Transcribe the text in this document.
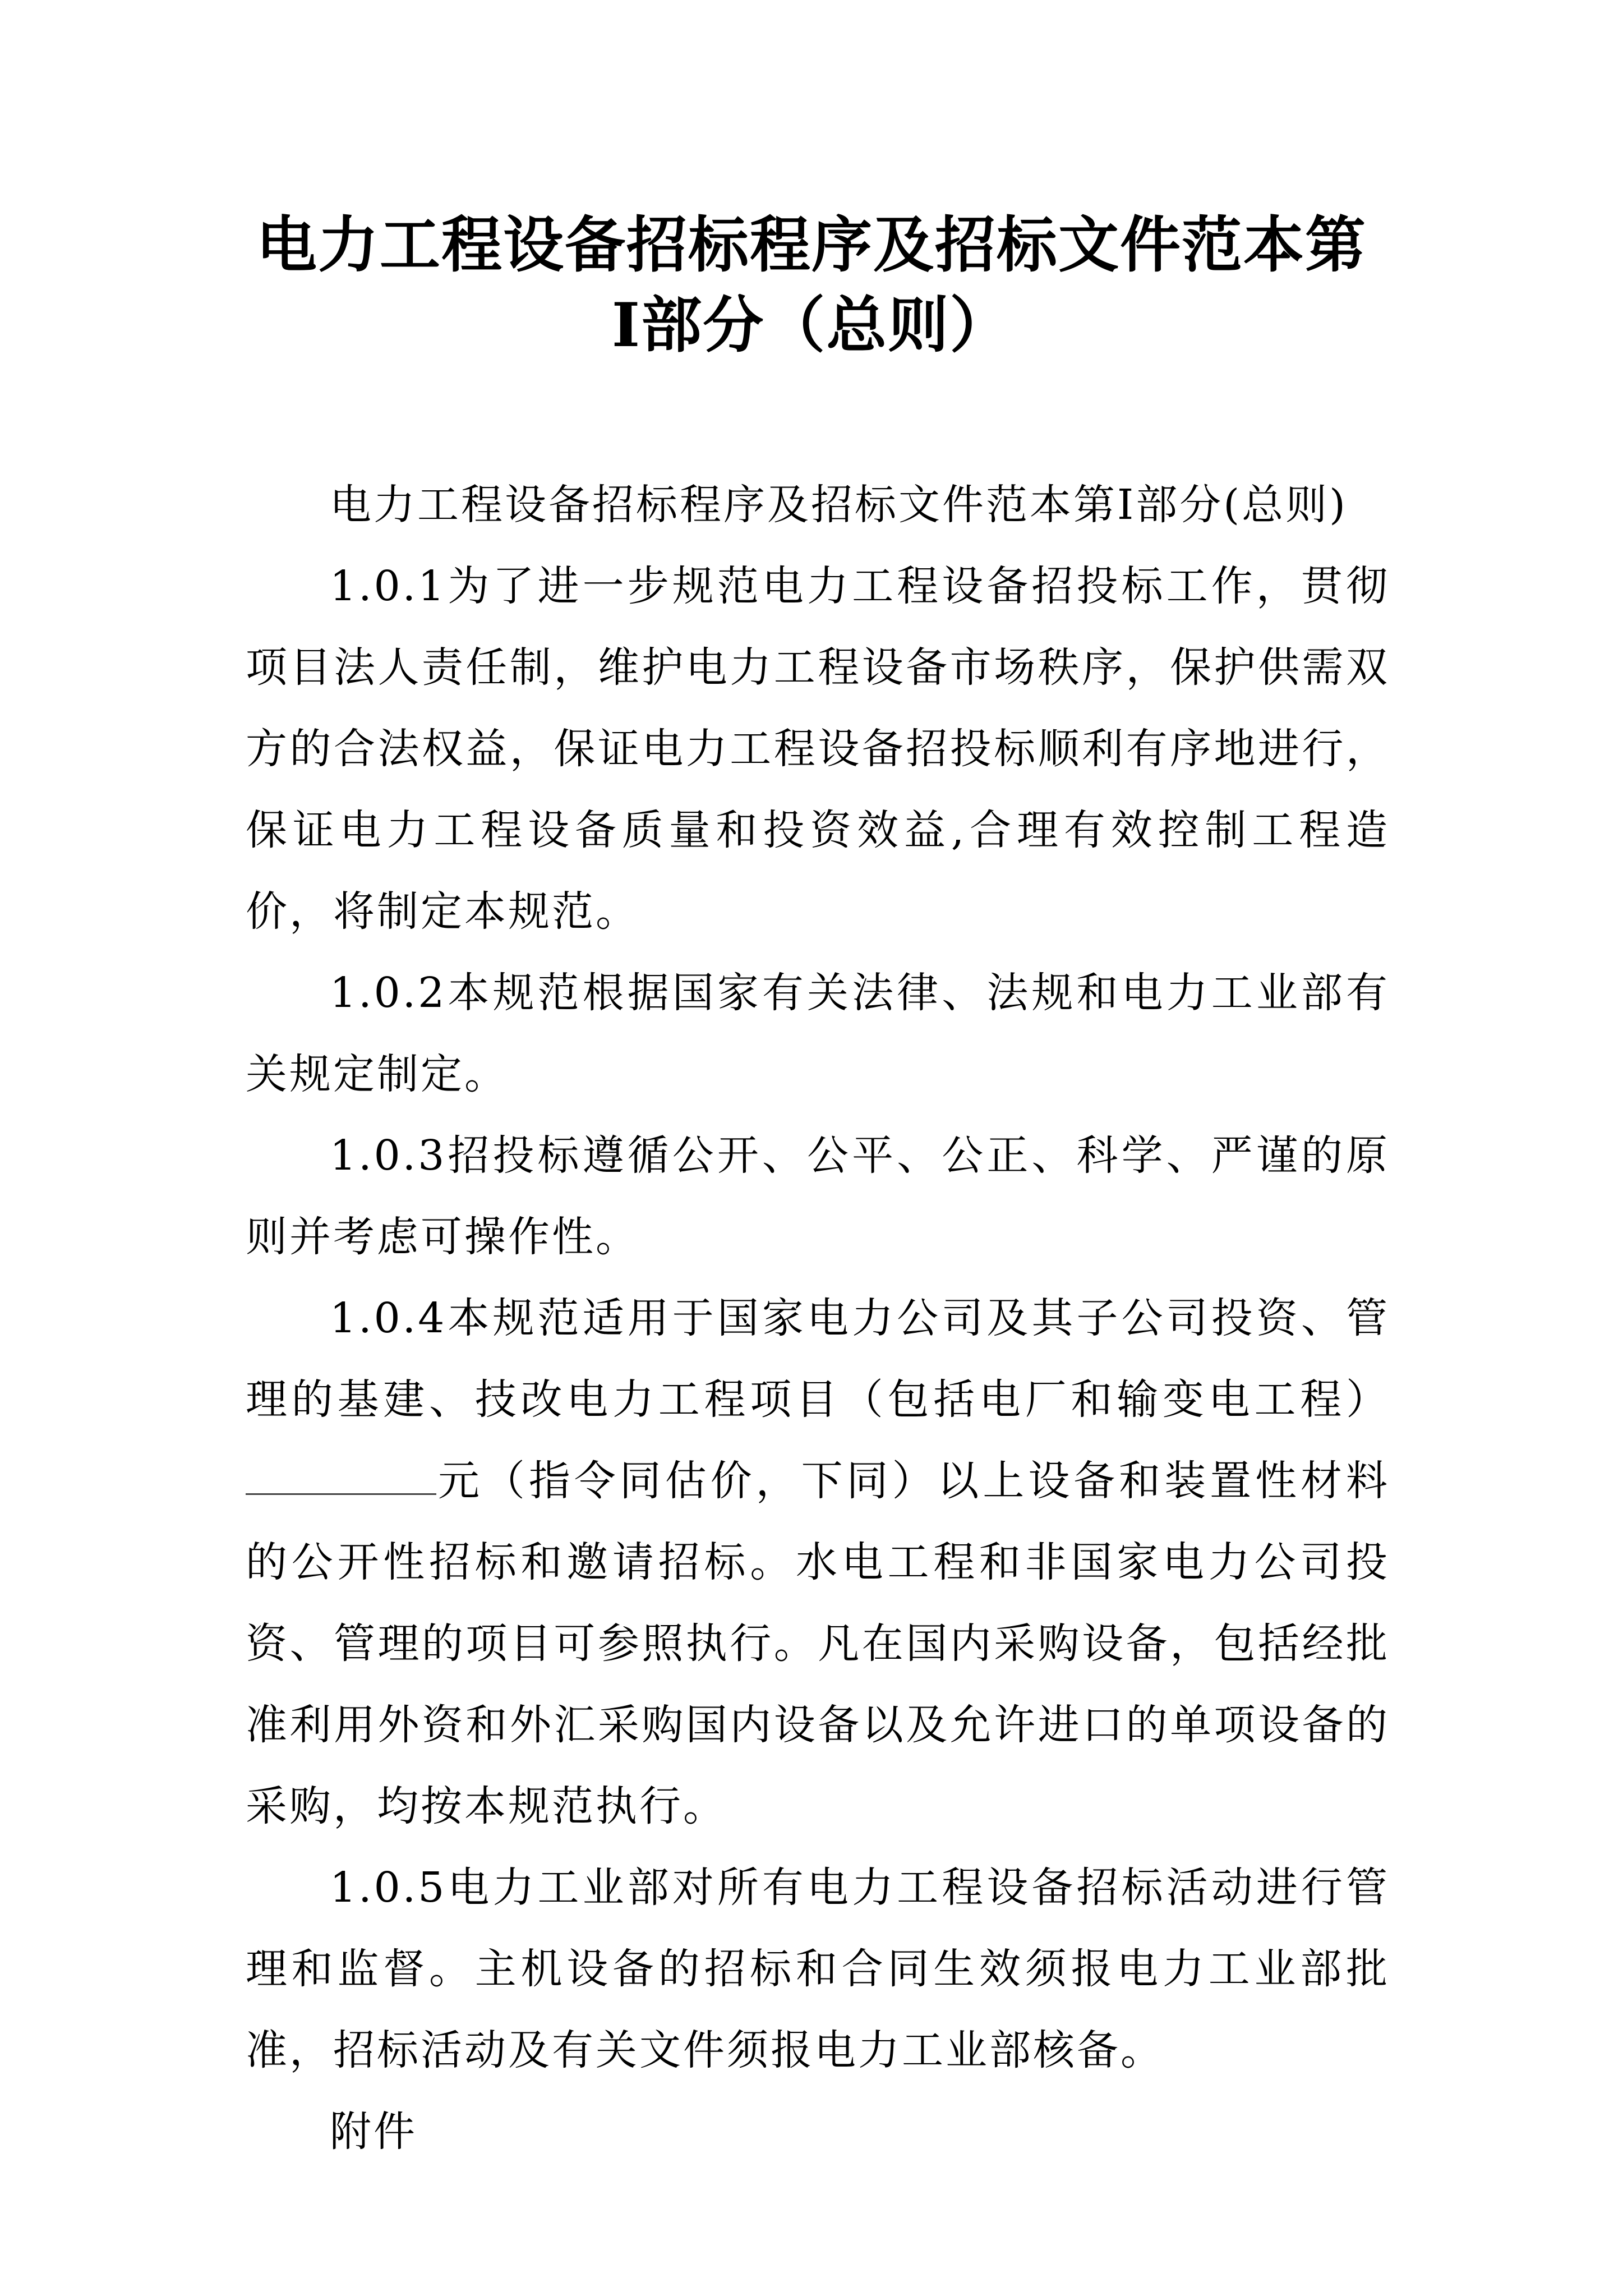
电力工程设备招标程序及招标文件范本第
Ⅰ部分（总则）

电力工程设备招标程序及招标文件范本第Ⅰ部分(总则)

1.0.1为了进一步规范电力工程设备招投标工作，贯彻项目法人责任制，维护电力工程设备市场秩序，保护供需双方的合法权益，保证电力工程设备招投标顺利有序地进行，保证电力工程设备质量和投资效益,合理有效控制工程造价，将制定本规范。

1.0.2本规范根据国家有关法律、法规和电力工业部有关规定制定。

1.0.3招投标遵循公开、公平、公正、科学、严谨的原则并考虑可操作性。

1.0.4本规范适用于国家电力公司及其子公司投资、管理的基建、技改电力工程项目（包括电厂和输变电工程）元（指令同估价，下同）以上设备和装置性材料的公开性招标和邀请招标。水电工程和非国家电力公司投资、管理的项目可参照执行。凡在国内采购设备，包括经批准利用外资和外汇采购国内设备以及允许进口的单项设备的采购，均按本规范执行。

1.0.5电力工业部对所有电力工程设备招标活动进行管理和监督。主机设备的招标和合同生效须报电力工业部批准，招标活动及有关文件须报电力工业部核备。

附件
